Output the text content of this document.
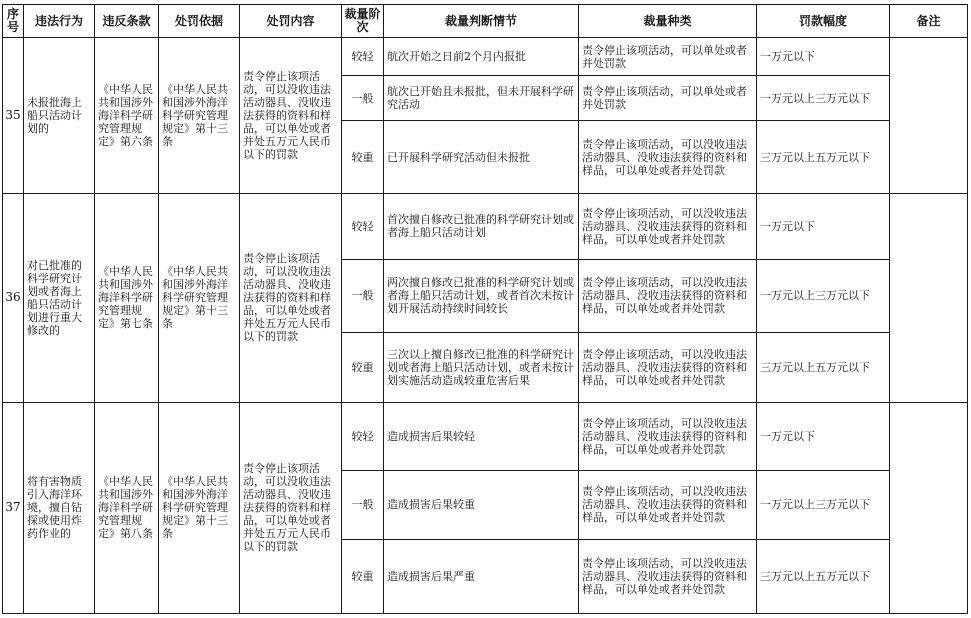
序号	违法行为	违反条款	处罚依据	处罚内容	裁量阶次	裁量判断情节	裁量种类	罚款幅度	备注
35	未报批海上船只活动计划的	《中华人民共和国涉外海洋科学研究管理规定》第六条	《中华人民共和国涉外海洋科学研究管理规定》第十三条	责令停止该项活动，可以没收违法活动器具、没收违法获得的资料和样品，可以单处或者并处五万元人民币以下的罚款	较轻	航次开始之日前2个月内报批	责令停止该项活动，可以单处或者并处罚款	一万元以下	
					一般	航次已开始且未报批，但未开展科学研究活动	责令停止该项活动，可以单处或者并处罚款	一万元以上三万元以下	
					较重	已开展科学研究活动但未报批	责令停止该项活动，可以没收违法活动器具、没收违法获得的资料和样品，可以单处或者并处罚款	三万元以上五万元以下	
36	对已批准的科学研究计划或者海上船只活动计划进行重大修改的	《中华人民共和国涉外海洋科学研究管理规定》第七条	《中华人民共和国涉外海洋科学研究管理规定》第十三条	责令停止该项活动，可以没收违法活动器具、没收违法获得的资料和样品，可以单处或者并处五万元人民币以下的罚款	较轻	首次擅自修改已批准的科学研究计划或者海上船只活动计划	责令停止该项活动，可以没收违法活动器具、没收违法获得的资料和样品，可以单处或者并处罚款	一万元以下	
					一般	两次擅自修改已批准的科学研究计划或者海上船只活动计划，或者首次未按计划开展活动持续时间较长	责令停止该项活动，可以没收违法活动器具、没收违法获得的资料和样品，可以单处或者并处罚款	一万元以上三万元以下	
					较重	三次以上擅自修改已批准的科学研究计划或者海上船只活动计划，或者未按计划实施活动造成较重危害后果	责令停止该项活动，可以没收违法活动器具、没收违法获得的资料和样品，可以单处或者并处罚款	三万元以上五万元以下	
37	将有害物质引入海洋环境，擅自钻探或使用炸药作业的	《中华人民共和国涉外海洋科学研究管理规定》第八条	《中华人民共和国涉外海洋科学研究管理规定》第十三条	责令停止该项活动，可以没收违法活动器具、没收违法获得的资料和样品，可以单处或者并处五万元人民币以下的罚款	较轻	造成损害后果较轻	责令停止该项活动，可以没收违法活动器具、没收违法获得的资料和样品，可以单处或者并处罚款	一万元以下	
					一般	造成损害后果较重	责令停止该项活动，可以没收违法活动器具、没收违法获得的资料和样品，可以单处或者并处罚款	一万元以上三万元以下	
					较重	造成损害后果严重	责令停止该项活动，可以没收违法活动器具、没收违法获得的资料和样品，可以单处或者并处罚款	三万元以上五万元以下	
